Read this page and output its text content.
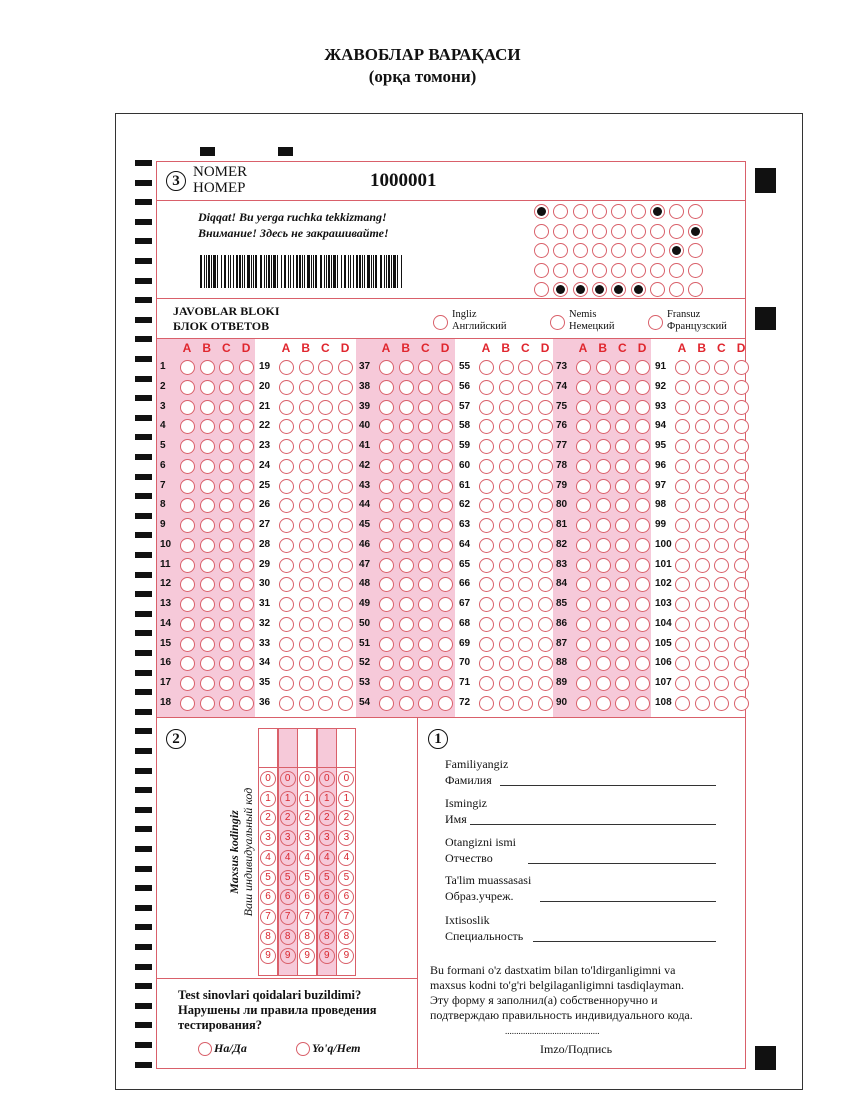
ЖАВОБЛАР ВАРАҚАСИ
(орқа томони)
3
NOMER
НОМЕР	1000001
Diqqat! Bu yerga ruchka tekkizmang!
Внимание! Здесь не закрашивайте!
JAVOBLAR BLOKI
БЛОК ОТВЕТОВ
2
Maxsus kodingiz Ваш индивидуальный код
Test sinovlari qoidalari buzildimi?
Нарушены ли правила проведения тестирования?
Ha/Да	Yo'q/Нет
1
Bu formani o'z dastxatim bilan to'ldirganligimni va
maxsus kodni to'g'ri belgilaganligimni tasdiqlayman.
Эту форму я заполнил(а) собственноручно и
подтверждаю правильность индивидуального кода.
..........................................
Imzo/Подпись
Ingliz
Английский
Nemis
Немецкий
Fransuz
Французский
A B C D
1
2
3
4
5
6
7
8
9
10
11
12
13
14
15
16
17
18
A B C D
19
20
21
22
23
24
25
26
27
28
29
30
31
32
33
34
35
36
A B C D
37
38
39
40
41
42
43
44
45
46
47
48
49
50
51
52
53
54
A B C D
55
56
57
58
59
60
61
62
63
64
65
66
67
68
69
70
71
72
A B C D
73
74
75
76
77
78
79
80
81
82
83
84
85
86
87
88
89
90
A B C D
91
92
93
94
95
96
97
98
99
100
101
102
103
104
105
106
107
108
0
1
2
3
4
5
6
7
8
9
0
1
2
3
4
5
6
7
8
9
0
1
2
3
4
5
6
7
8
9
0
1
2
3
4
5
6
7
8
9
0
1
2
3
4
5
6
7
8
9
Familiyangiz
Фамилия
Ismingiz
Имя
Otangizni ismi
Отчество
Ta'lim muassasasi
Образ.учреж.
Ixtisoslik
Специальность
